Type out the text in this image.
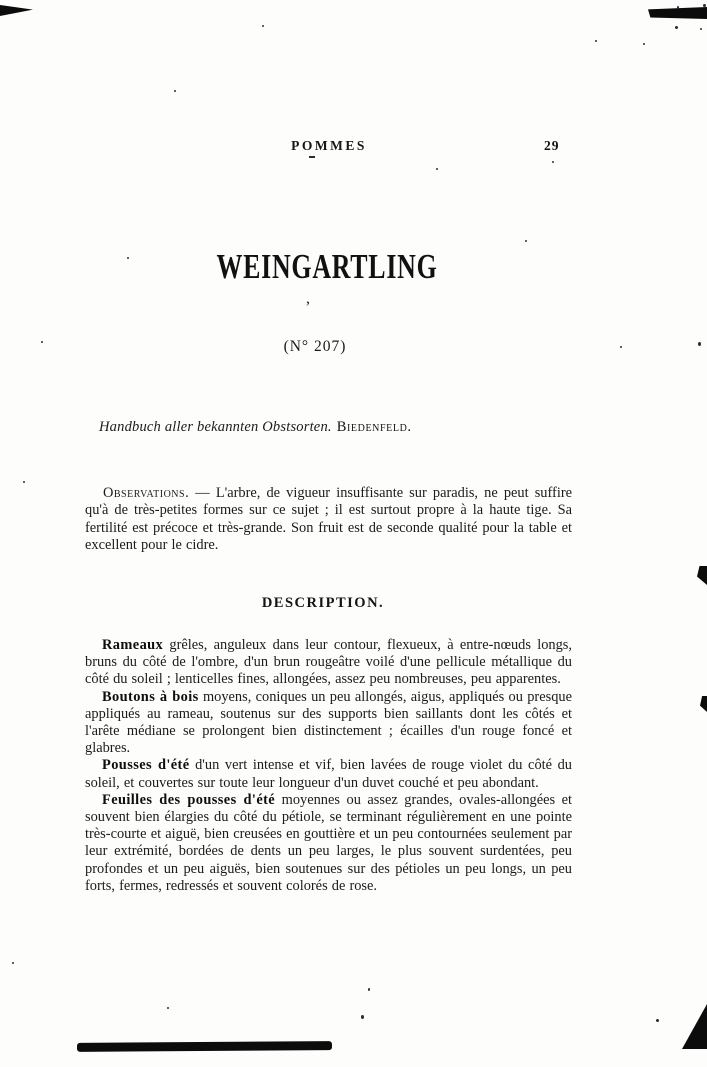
POMMES	29
WEINGARTLING
,

(N° 207)

Handbuch aller bekannten Obstsorten. Biedenfeld.

Observations. — L'arbre, de vigueur insuffisante sur paradis, ne peut suffire qu'à de très-petites formes sur ce sujet ; il est surtout propre à la haute tige. Sa fertilité est précoce et très-grande. Son fruit est de seconde qualité pour la table et excellent pour le cidre.

DESCRIPTION.

Rameaux grêles, anguleux dans leur contour, flexueux, à entre-nœuds longs, bruns du côté de l'ombre, d'un brun rougeâtre voilé d'une pellicule métallique du côté du soleil ; lenticelles fines, allongées, assez peu nombreuses, peu apparentes.

Boutons à bois moyens, coniques un peu allongés, aigus, appliqués ou presque appliqués au rameau, soutenus sur des supports bien saillants dont les côtés et l'arête médiane se prolongent bien distinctement ; écailles d'un rouge foncé et glabres.

Pousses d'été d'un vert intense et vif, bien lavées de rouge violet du côté du soleil, et couvertes sur toute leur longueur d'un duvet couché et peu abondant.

Feuilles des pousses d'été moyennes ou assez grandes, ovales-allongées et souvent bien élargies du côté du pétiole, se terminant régulièrement en une pointe très-courte et aiguë, bien creusées en gouttière et un peu contournées seulement par leur extrémité, bordées de dents un peu larges, le plus souvent surdentées, peu profondes et un peu aiguës, bien soutenues sur des pétioles un peu longs, un peu forts, fermes, redressés et souvent colorés de rose.
